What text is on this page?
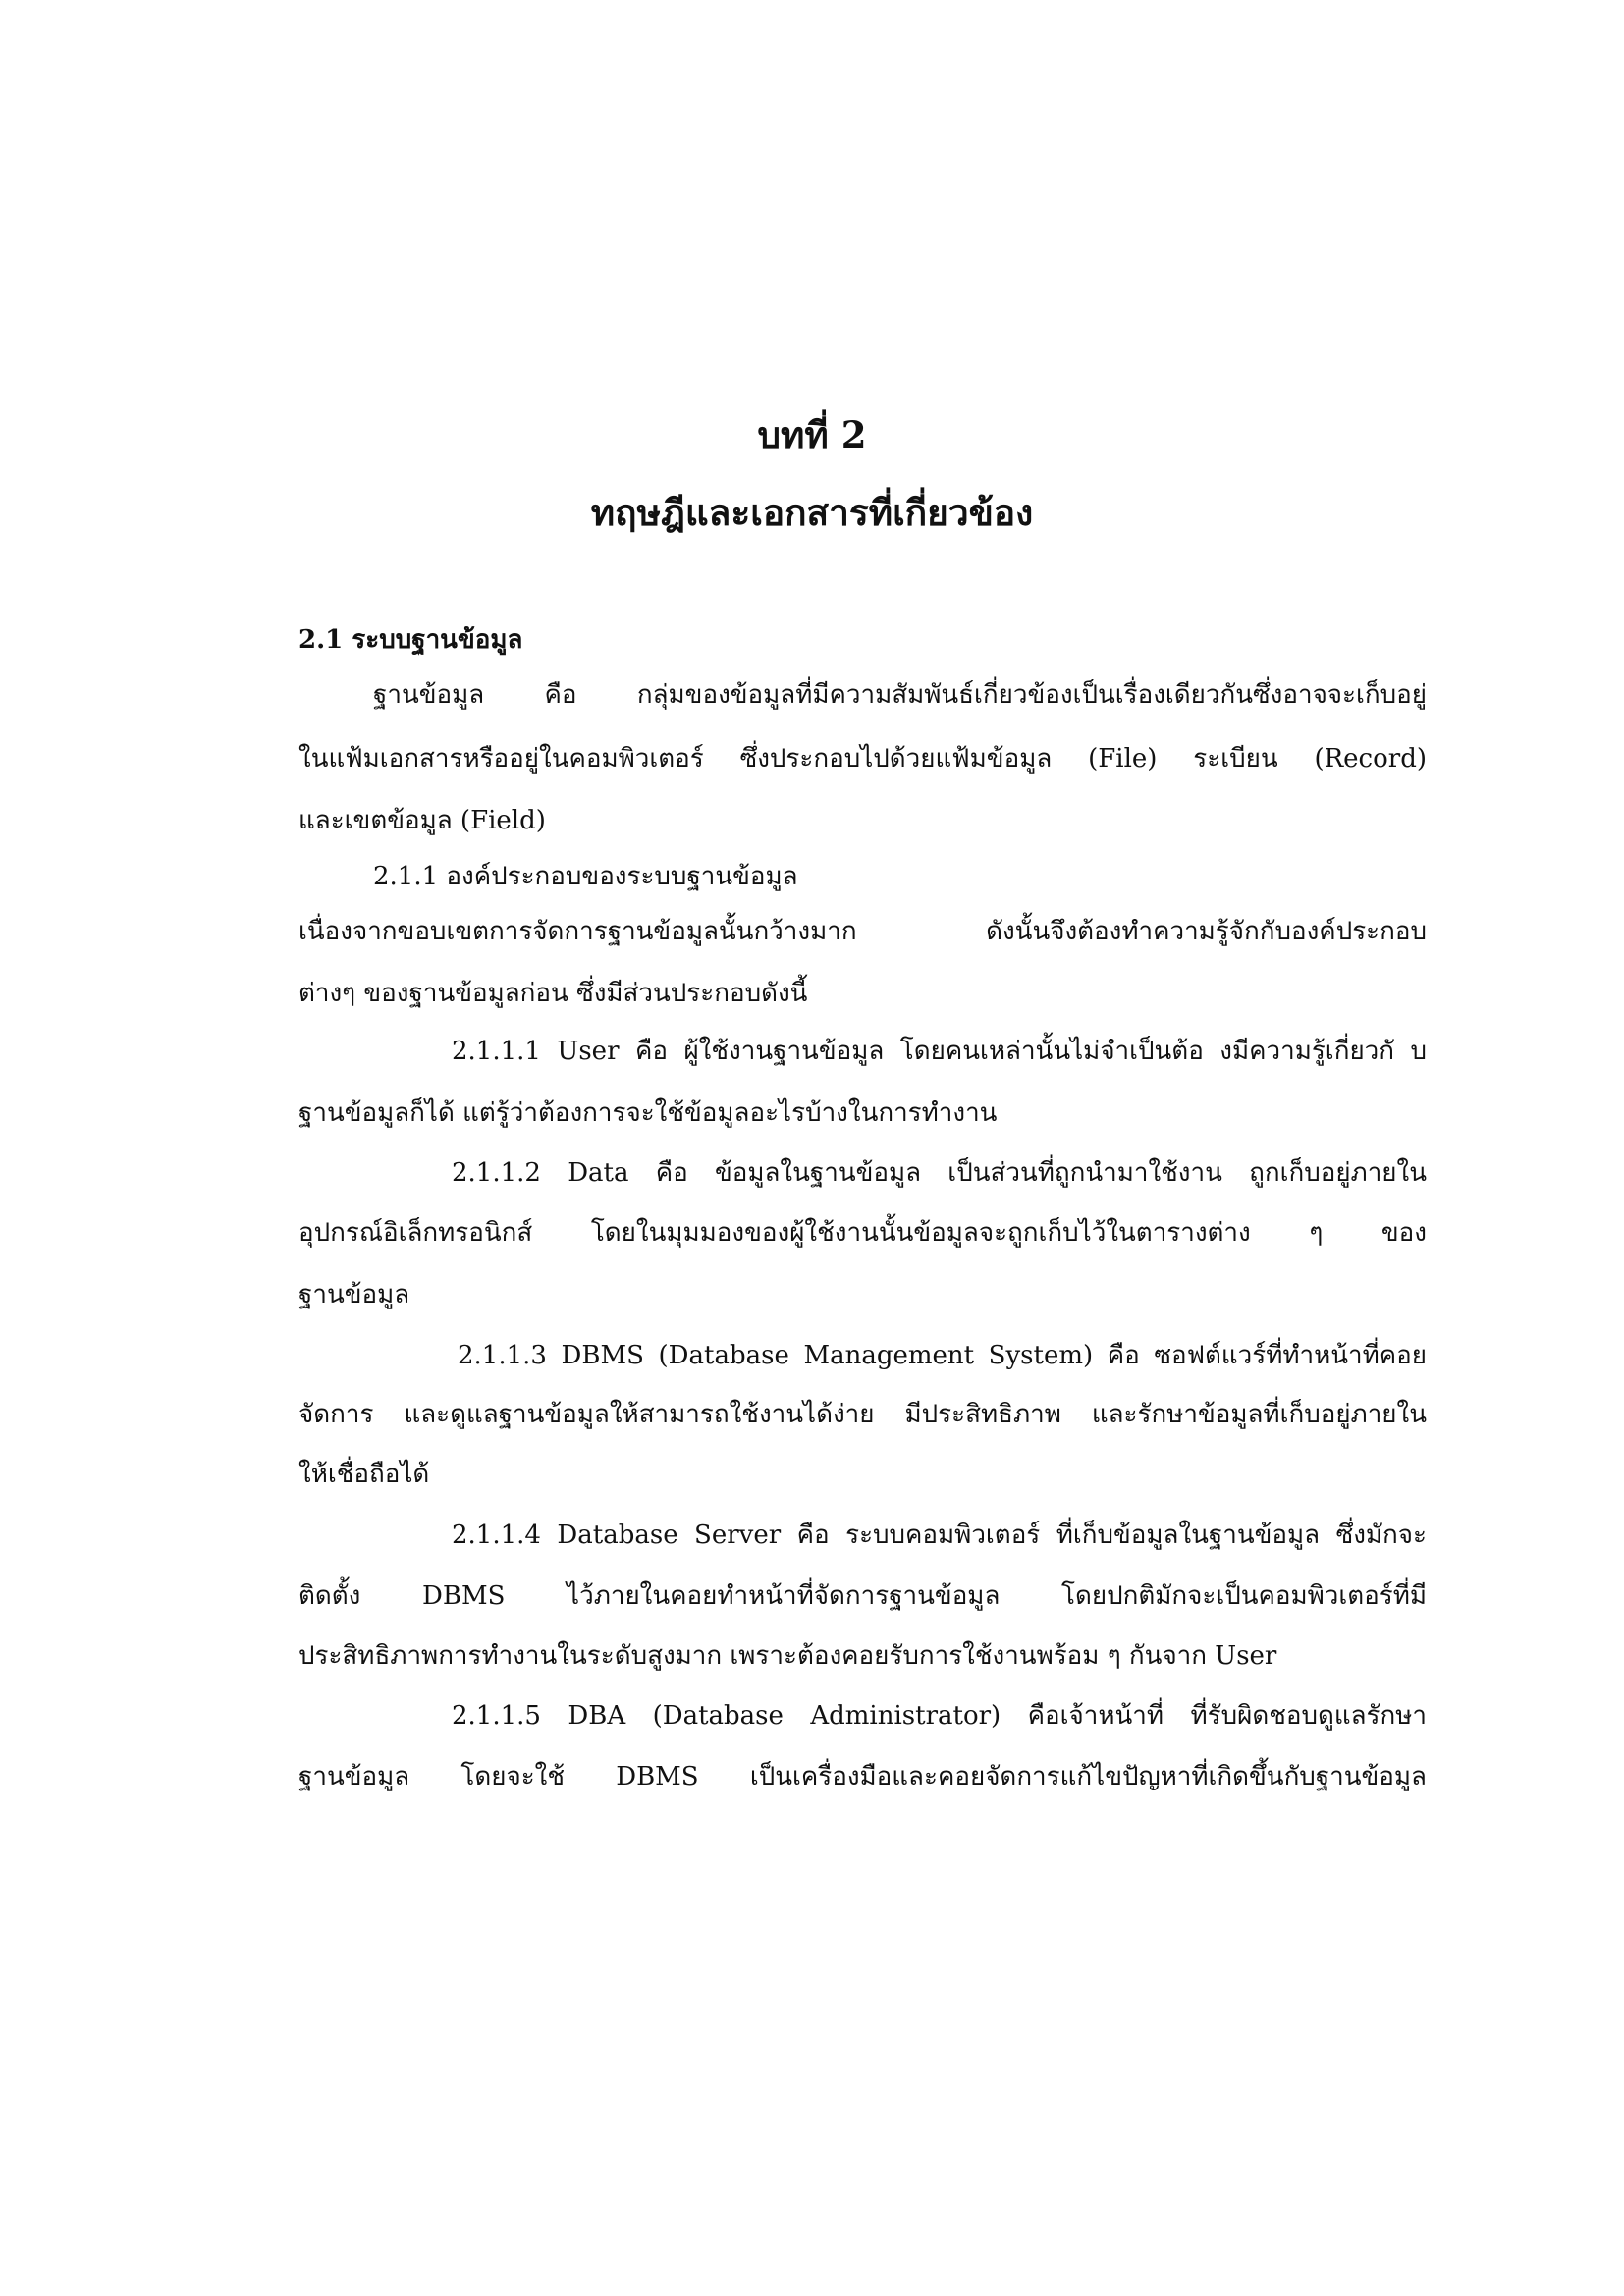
บทที่ 2
ทฤษฎีและเอกสารที่เกี่ยวข้อง
2.1 ระบบฐานข้อมูล
ฐานข้อมูล คือ กลุ่มของข้อมูลที่มีความสัมพันธ์เกี่ยวข้องเป็นเรื่องเดียวกันซึ่งอาจจะเก็บอยู่
ในแฟ้มเอกสารหรืออยู่ในคอมพิวเตอร์ ซึ่งประกอบไปด้วยแฟ้มข้อมูล (File) ระเบียน (Record)
และเขตข้อมูล (Field)
2.1.1 องค์ประกอบของระบบฐานข้อมูล
เนื่องจากขอบเขตการจัดการฐานข้อมูลนั้นกว้างมาก ดังนั้นจึงต้องทำความรู้จักกับองค์ประกอบ
ต่างๆ ของฐานข้อมูลก่อน ซึ่งมีส่วนประกอบดังนี้
2.1.1.1 User คือ ผู้ใช้งานฐานข้อมูล โดยคนเหล่านั้นไม่จำเป็นต้อ งมีความรู้เกี่ยวกั บ
ฐานข้อมูลก็ได้ แต่รู้ว่าต้องการจะใช้ข้อมูลอะไรบ้างในการทำงาน
2.1.1.2 Data คือ ข้อมูลในฐานข้อมูล เป็นส่วนที่ถูกนำมาใช้งาน ถูกเก็บอยู่ภายใน
อุปกรณ์อิเล็กทรอนิกส์ โดยในมุมมองของผู้ใช้งานนั้นข้อมูลจะถูกเก็บไว้ในตารางต่าง ๆ ของ
ฐานข้อมูล
2.1.1.3 DBMS (Database Management System) คือ ซอฟต์แวร์ที่ทำหน้าที่คอย
จัดการ และดูแลฐานข้อมูลให้สามารถใช้งานได้ง่าย มีประสิทธิภาพ และรักษาข้อมูลที่เก็บอยู่ภายใน
ให้เชื่อถือได้
2.1.1.4 Database Server คือ ระบบคอมพิวเตอร์ ที่เก็บข้อมูลในฐานข้อมูล ซึ่งมักจะ
ติดตั้ง DBMS ไว้ภายในคอยทำหน้าที่จัดการฐานข้อมูล โดยปกติมักจะเป็นคอมพิวเตอร์ที่มี
ประสิทธิภาพการทำงานในระดับสูงมาก เพราะต้องคอยรับการใช้งานพร้อม ๆ กันจาก User
2.1.1.5 DBA (Database Administrator) คือเจ้าหน้าที่ ที่รับผิดชอบดูแลรักษา
ฐานข้อมูล โดยจะใช้ DBMS เป็นเครื่องมือและคอยจัดการแก้ไขปัญหาที่เกิดขึ้นกับฐานข้อมูล
